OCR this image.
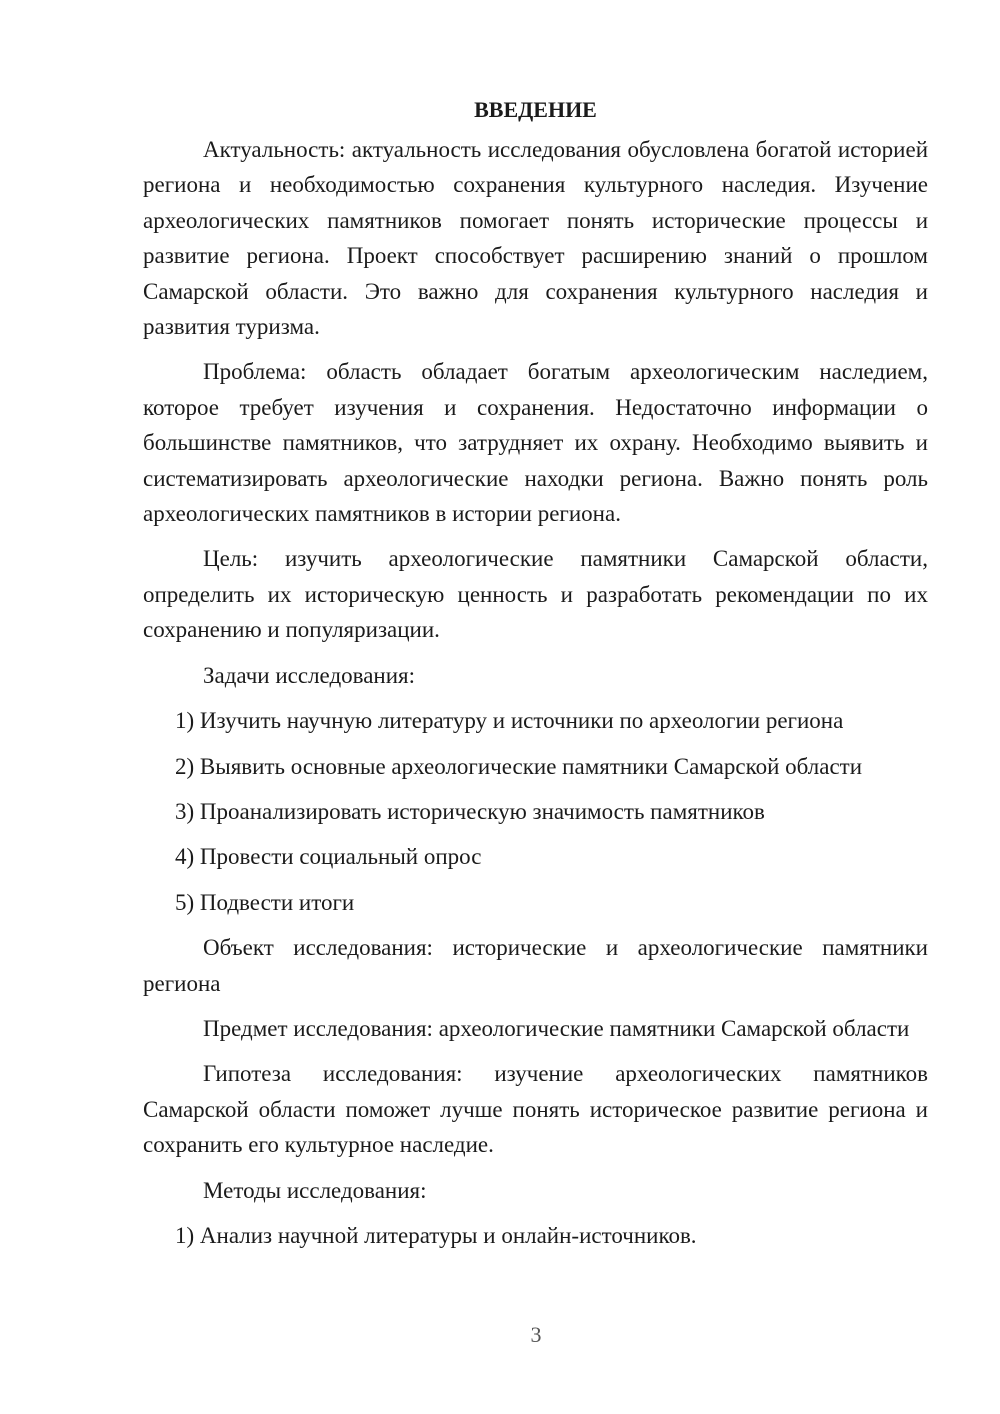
ВВЕДЕНИЕ

Актуальность: актуальность исследования обусловлена богатой историей региона и необходимостью сохранения культурного наследия. Изучение археологических памятников помогает понять исторические процессы и развитие региона. Проект способствует расширению знаний о прошлом Самарской области. Это важно для сохранения культурного наследия и развития туризма.

Проблема: область обладает богатым археологическим наследием, которое требует изучения и сохранения. Недостаточно информации о большинстве памятников, что затрудняет их охрану. Необходимо выявить и систематизировать археологические находки региона. Важно понять роль археологических памятников в истории региона.

Цель: изучить археологические памятники Самарской области, определить их историческую ценность и разработать рекомендации по их сохранению и популяризации.

Задачи исследования:

1) Изучить научную литературу и источники по археологии региона
2) Выявить основные археологические памятники Самарской области
3) Проанализировать историческую значимость памятников
4) Провести социальный опрос
5) Подвести итоги

Объект исследования: исторические и археологические памятники региона

Предмет исследования: археологические памятники Самарской области

Гипотеза исследования: изучение археологических памятников Самарской области поможет лучше понять историческое развитие региона и сохранить его культурное наследие.

Методы исследования:

1) Анализ научной литературы и онлайн-источников.
3
